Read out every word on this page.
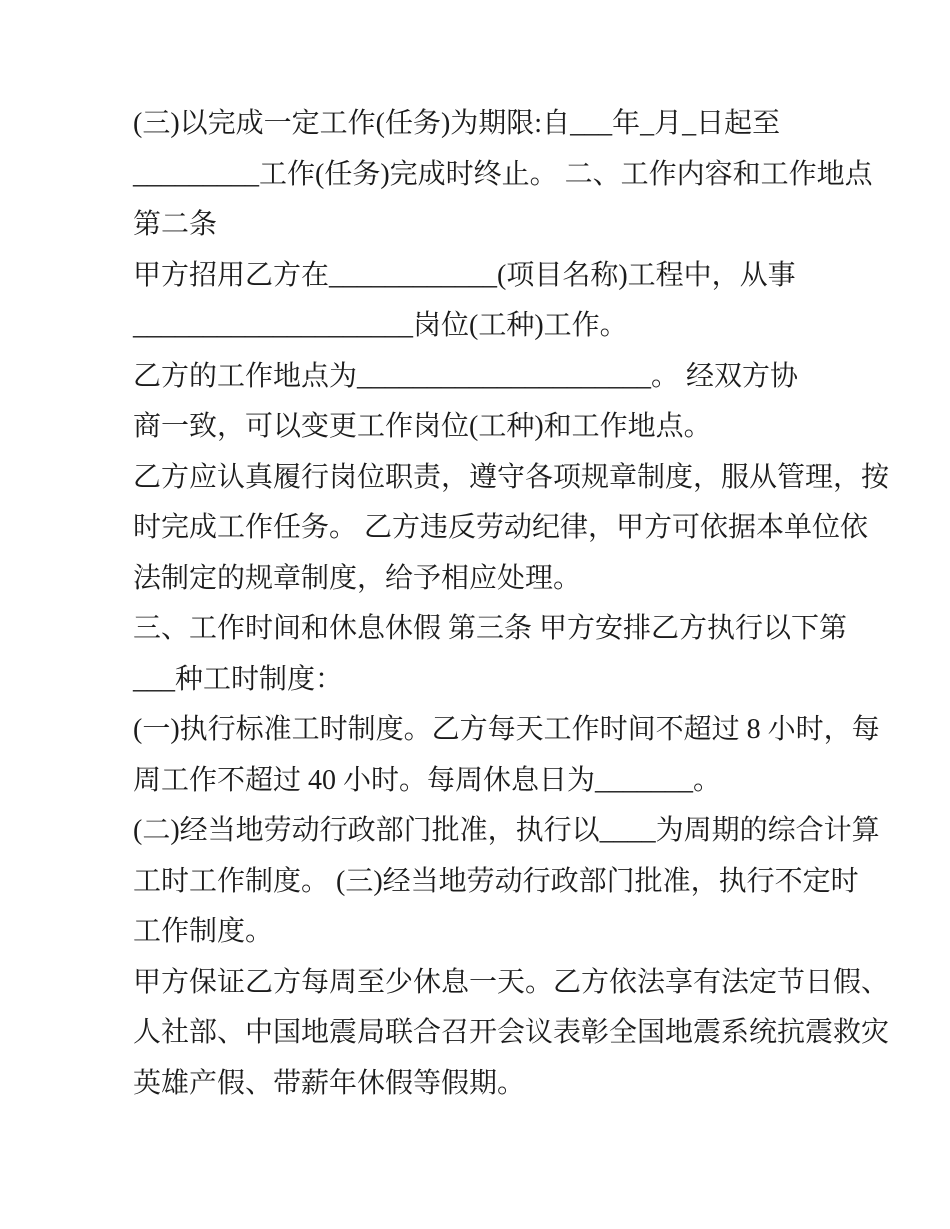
(三)以完成一定工作(任务)为期限:自___年_月_日起至
_________工作(任务)完成时终止。 二、工作内容和工作地点
第二条
甲方招用乙方在____________(项目名称)工程中，从事
____________________岗位(工种)工作。
乙方的工作地点为_____________________。 经双方协
商一致，可以变更工作岗位(工种)和工作地点。
乙方应认真履行岗位职责，遵守各项规章制度，服从管理，按
时完成工作任务。 乙方违反劳动纪律，甲方可依据本单位依
法制定的规章制度，给予相应处理。
三、工作时间和休息休假 第三条 甲方安排乙方执行以下第
___种工时制度：
(一)执行标准工时制度。乙方每天工作时间不超过 8 小时，每
周工作不超过 40 小时。每周休息日为_______。
(二)经当地劳动行政部门批准，执行以____为周期的综合计算
工时工作制度。 (三)经当地劳动行政部门批准，执行不定时
工作制度。
甲方保证乙方每周至少休息一天。乙方依法享有法定节日假、
人社部、中国地震局联合召开会议表彰全国地震系统抗震救灾
英雄产假、带薪年休假等假期。
